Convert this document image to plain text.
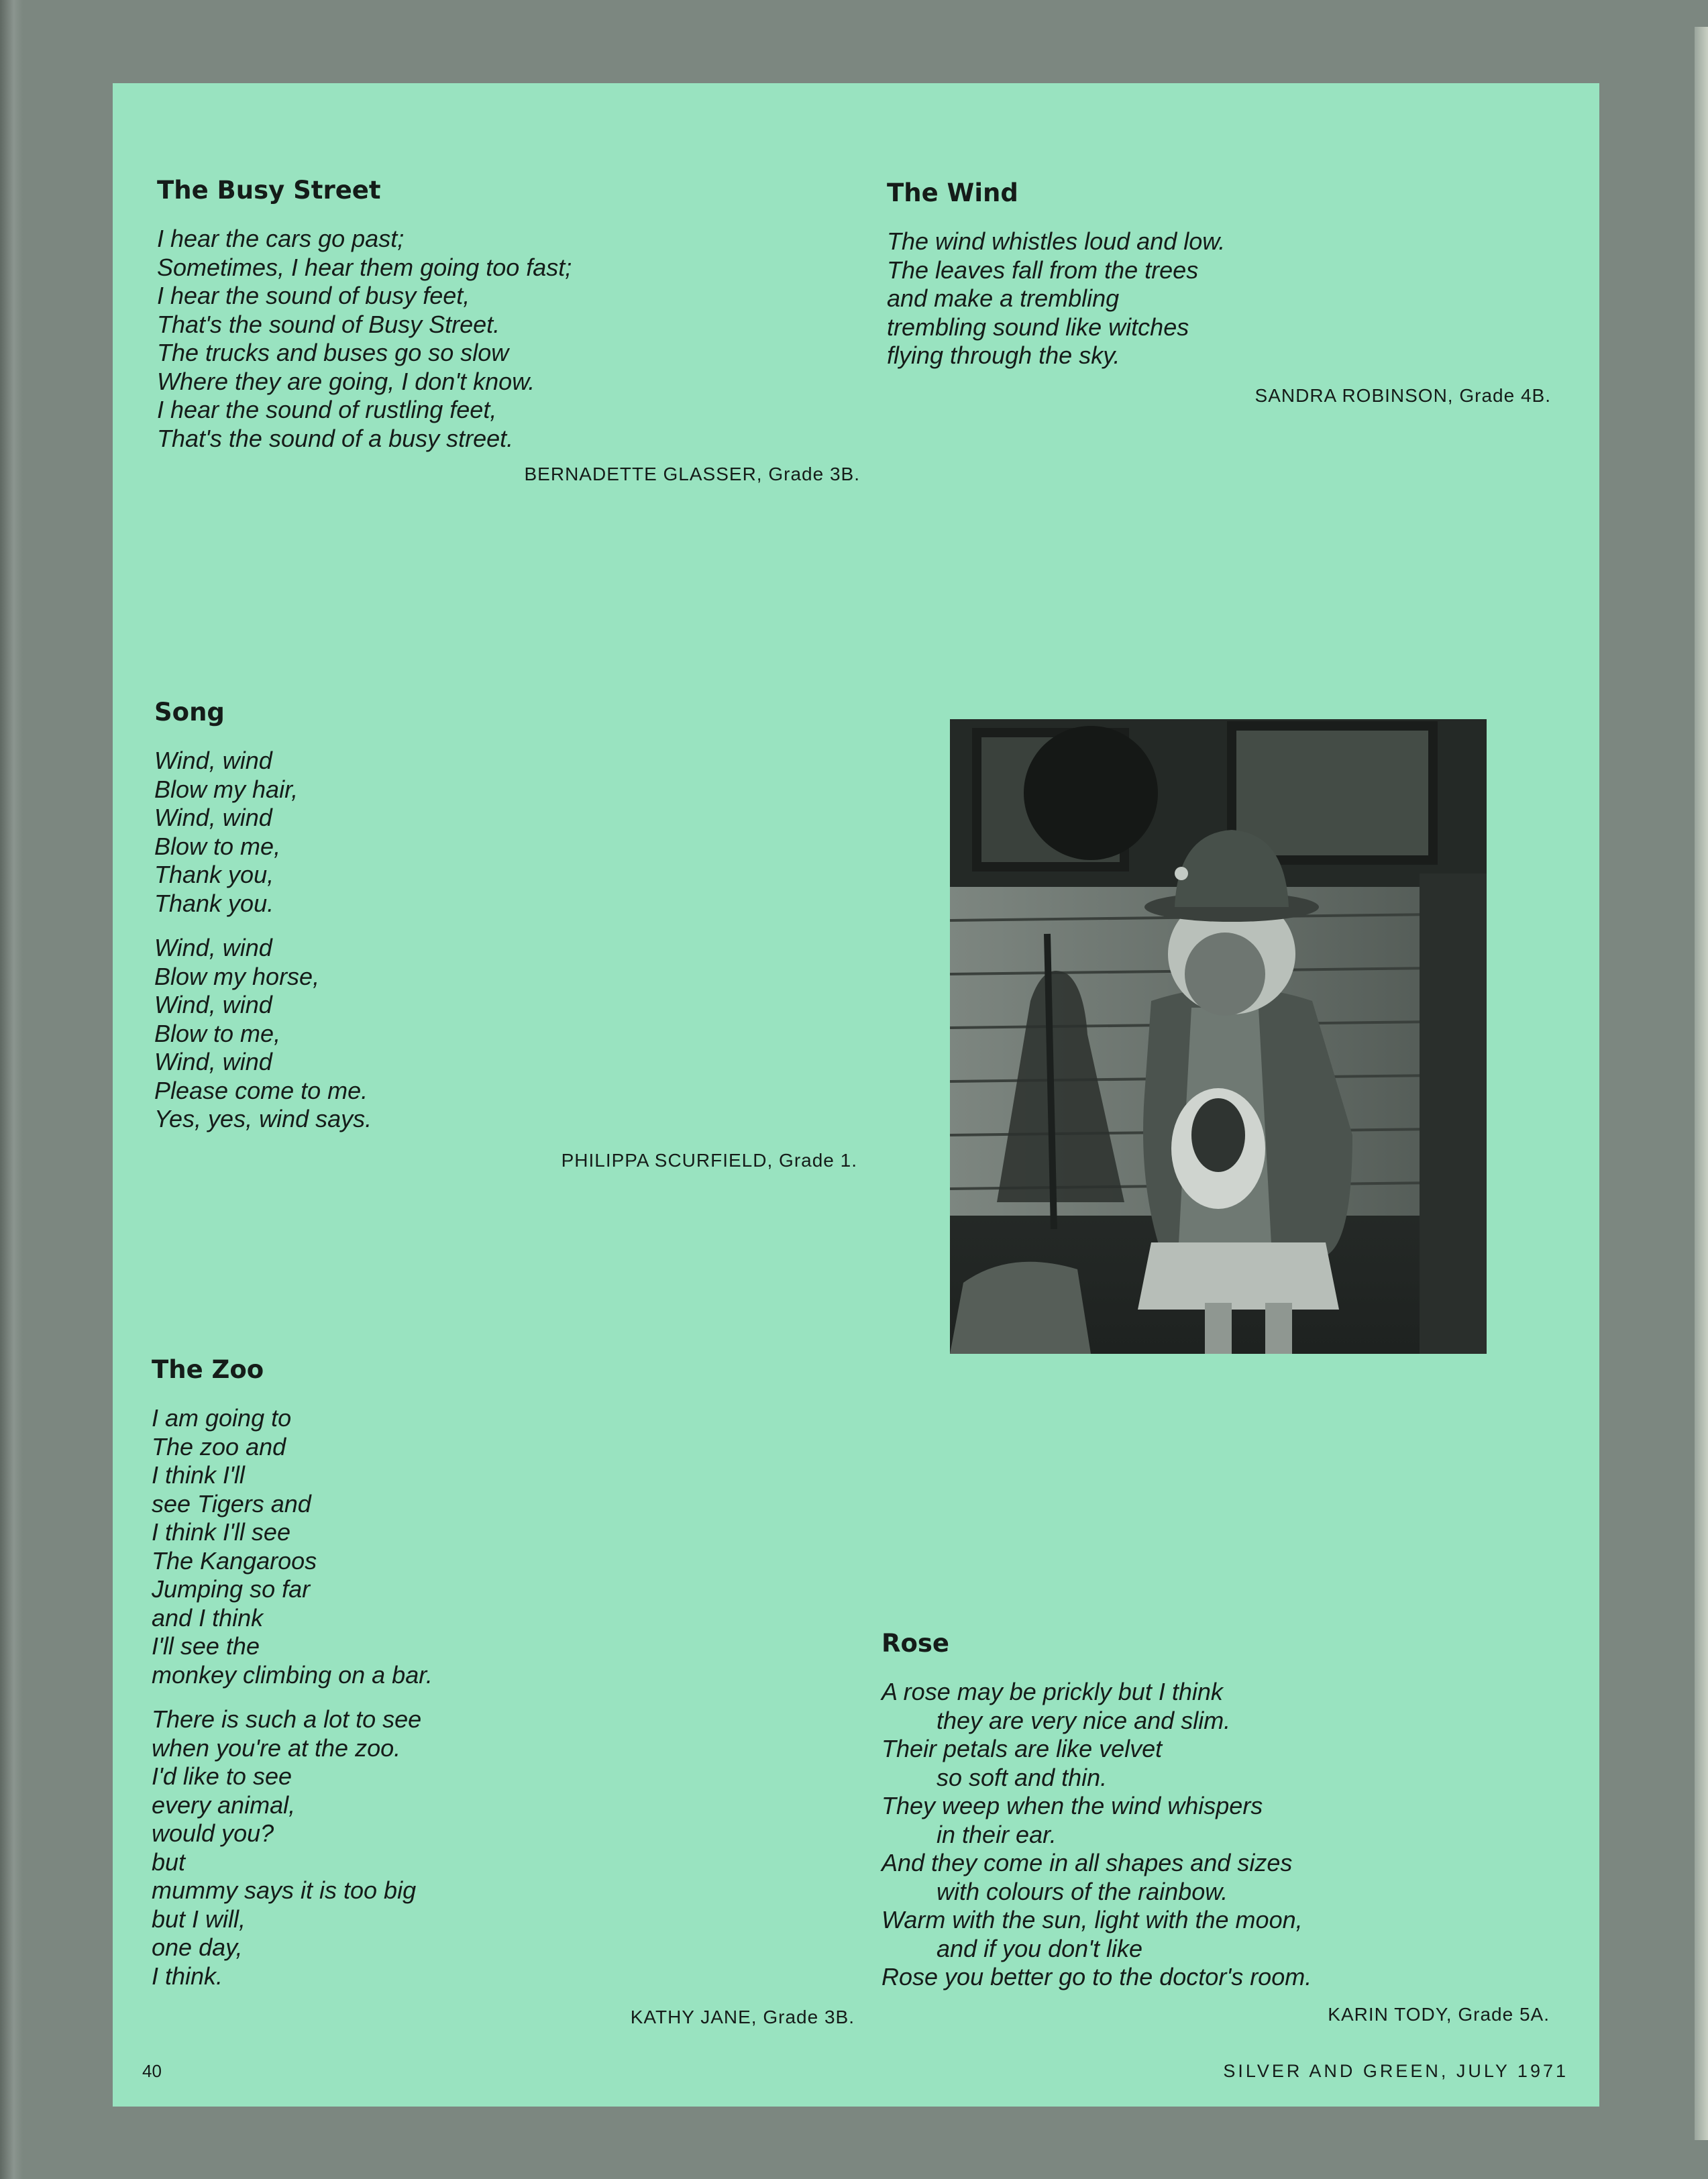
The Busy Street
I hear the cars go past;
Sometimes, I hear them going too fast;
I hear the sound of busy feet,
That's the sound of Busy Street.
The trucks and buses go so slow
Where they are going, I don't know.
I hear the sound of rustling feet,
That's the sound of a busy street.
BERNADETTE GLASSER, Grade 3B.
The Wind
The wind whistles loud and low.
The leaves fall from the trees
and make a trembling
trembling sound like witches
flying through the sky.
SANDRA ROBINSON, Grade 4B.
Song
Wind, wind
Blow my hair,
Wind, wind
Blow to me,
Thank you,
Thank you.
Wind, wind
Blow my horse,
Wind, wind
Blow to me,
Wind, wind
Please come to me.
Yes, yes, wind says.
PHILIPPA SCURFIELD, Grade 1.
The Zoo
I am going to
The zoo and
I think I'll
see Tigers and
I think I'll see
The Kangaroos
Jumping so far
and I think
I'll see the
monkey climbing on a bar.
There is such a lot to see
when you're at the zoo.
I'd like to see
every animal,
would you?
but
mummy says it is too big
but I will,
one day,
I think.
KATHY JANE, Grade 3B.
Rose
A rose may be prickly but I think
they are very nice and slim.
Their petals are like velvet
so soft and thin.
They weep when the wind whispers
in their ear.
And they come in all shapes and sizes
with colours of the rainbow.
Warm with the sun, light with the moon,
and if you don't like
Rose you better go to the doctor's room.
KARIN TODY, Grade 5A.
40	SILVER AND GREEN, JULY 1971
